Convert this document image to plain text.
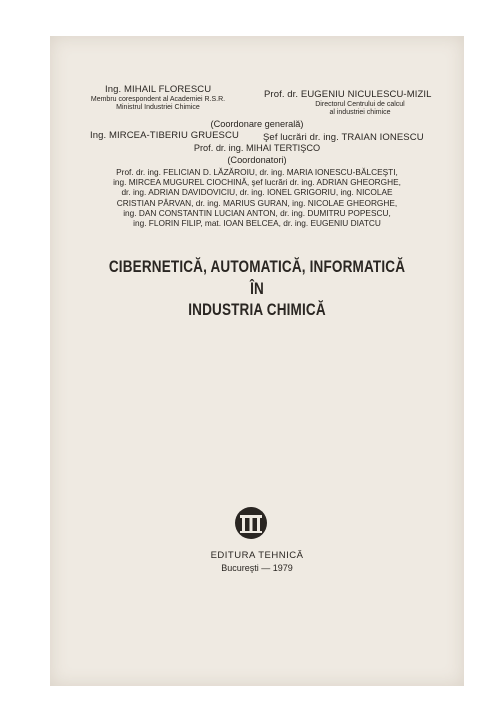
Ing. MIHAIL FLORESCU
Membru corespondent al Academiei R.S.R.
Ministrul Industriei Chimice
Prof. dr. EUGENIU NICULESCU-MIZIL
Directorul Centrului de calcul
al industriei chimice
(Coordonare generală)
Ing. MIRCEA-TIBERIU GRUESCU	Şef lucrări dr. ing. TRAIAN IONESCU
Prof. dr. ing. MIHAI TERTIŞCO
(Coordonatori)
Prof. dr. ing. FELICIAN D. LĂZĂROIU, dr. ing. MARIA IONESCU-BĂLCEŞTI,
ing. MIRCEA MUGUREL CIOCHINĂ, şef lucrări dr. ing. ADRIAN GHEORGHE,
dr. ing. ADRIAN DAVIDOVICIU, dr. ing. IONEL GRIGORIU, ing. NICOLAE
CRISTIAN PÂRVAN, dr. ing. MARIUS GURAN, ing. NICOLAE GHEORGHE,
ing. DAN CONSTANTIN LUCIAN ANTON, dr. ing. DUMITRU POPESCU,
ing. FLORIN FILIP, mat. IOAN BELCEA, dr. ing. EUGENIU DIATCU
CIBERNETICĂ, AUTOMATICĂ, INFORMATICĂ
ÎN
INDUSTRIA CHIMICĂ
EDITURA TEHNICĂ
Bucureşti — 1979
